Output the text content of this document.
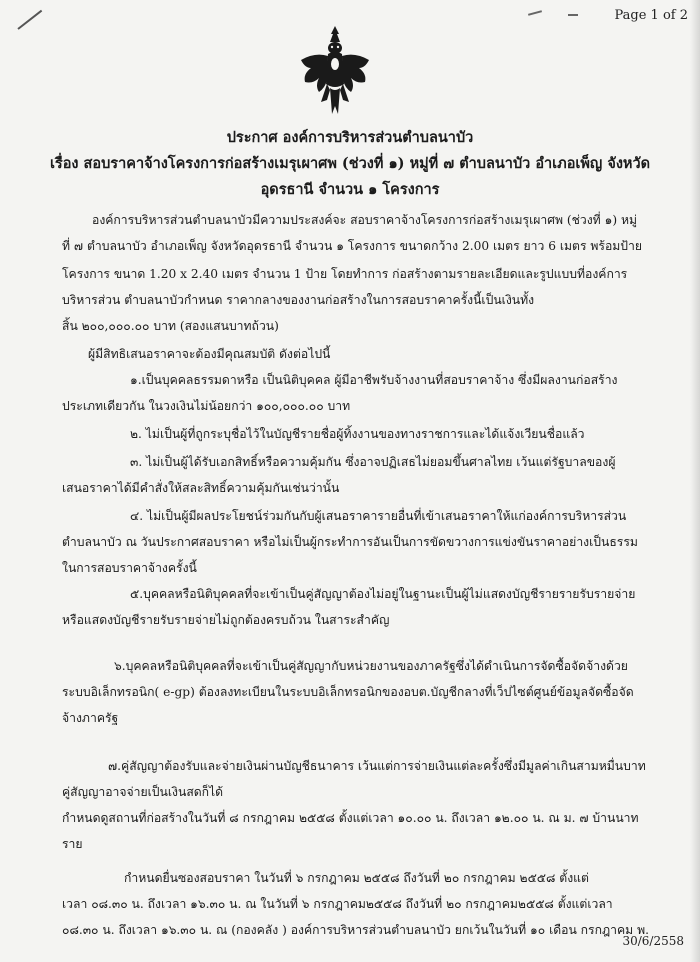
Page 1 of 2
ประกาศ องค์การบริหารส่วนตำบลนาบัว
เรื่อง สอบราคาจ้างโครงการก่อสร้างเมรุเผาศพ (ช่วงที่ ๑) หมู่ที่ ๗ ตำบลนาบัว อำเภอเพ็ญ จังหวัด
อุดรธานี จำนวน ๑ โครงการ
องค์การบริหารส่วนตำบลนาบัวมีความประสงค์จะ สอบราคาจ้างโครงการก่อสร้างเมรุเผาศพ (ช่วงที่ ๑) หมู่
ที่ ๗ ตำบลนาบัว อำเภอเพ็ญ จังหวัดอุดรธานี จำนวน ๑ โครงการ ขนาดกว้าง 2.00 เมตร ยาว 6 เมตร พร้อมป้าย
โครงการ ขนาด 1.20 x 2.40 เมตร จำนวน 1 ป้าย โดยทำการ ก่อสร้างตามรายละเอียดและรูปแบบที่องค์การ
บริหารส่วน ตำบลนาบัวกำหนด ราคากลางของงานก่อสร้างในการสอบราคาครั้งนี้เป็นเงินทั้ง
สิ้น ๒๐๐,๐๐๐.๐๐ บาท (สองแสนบาทถ้วน)
ผู้มีสิทธิเสนอราคาจะต้องมีคุณสมบัติ ดังต่อไปนี้
๑.เป็นบุคคลธรรมดาหรือ เป็นนิติบุคคล ผู้มีอาชีพรับจ้างงานที่สอบราคาจ้าง ซึ่งมีผลงานก่อสร้าง
ประเภทเดียวกัน ในวงเงินไม่น้อยกว่า ๑๐๐,๐๐๐.๐๐ บาท
๒. ไม่เป็นผู้ที่ถูกระบุชื่อไว้ในบัญชีรายชื่อผู้ทิ้งงานของทางราชการและได้แจ้งเวียนชื่อแล้ว
๓. ไม่เป็นผู้ได้รับเอกสิทธิ์หรือความคุ้มกัน ซึ่งอาจปฏิเสธไม่ยอมขึ้นศาลไทย เว้นแต่รัฐบาลของผู้
เสนอราคาได้มีคำสั่งให้สละสิทธิ์ความคุ้มกันเช่นว่านั้น
๔. ไม่เป็นผู้มีผลประโยชน์ร่วมกันกับผู้เสนอราคารายอื่นที่เข้าเสนอราคาให้แก่องค์การบริหารส่วน
ตำบลนาบัว ณ วันประกาศสอบราคา หรือไม่เป็นผู้กระทำการอันเป็นการขัดขวางการแข่งขันราคาอย่างเป็นธรรม
ในการสอบราคาจ้างครั้งนี้
๕.บุคคลหรือนิติบุคคลที่จะเข้าเป็นคู่สัญญาต้องไม่อยู่ในฐานะเป็นผู้ไม่แสดงบัญชีรายรายรับรายจ่าย
หรือแสดงบัญชีรายรับรายจ่ายไม่ถูกต้องครบถ้วน ในสาระสำคัญ
๖.บุคคลหรือนิติบุคคลที่จะเข้าเป็นคู่สัญญากับหน่วยงานของภาครัฐซึ่งได้ดำเนินการจัดซื้อจัดจ้างด้วย
ระบบอิเล็กทรอนิก( e-gp) ต้องลงทะเบียนในระบบอิเล็กทรอนิกของอบต.บัญชีกลางที่เว็ปไซต์ศูนย์ข้อมูลจัดซื้อจัด
จ้างภาครัฐ
๗.คู่สัญญาต้องรับและจ่ายเงินผ่านบัญชีธนาคาร เว้นแต่การจ่ายเงินแต่ละครั้งซึ่งมีมูลค่าเกินสามหมื่นบาท
คู่สัญญาอาจจ่ายเป็นเงินสดก็ได้
กำหนดดูสถานที่ก่อสร้างในวันที่ ๘ กรกฎาคม ๒๕๕๘ ตั้งแต่เวลา ๑๐.๐๐ น. ถึงเวลา ๑๒.๐๐ น. ณ ม. ๗ บ้านนาท
ราย
กำหนดยื่นซองสอบราคา ในวันที่ ๖ กรกฎาคม ๒๕๕๘ ถึงวันที่ ๒๐ กรกฎาคม ๒๕๕๘ ตั้งแต่
เวลา ๐๘.๓๐ น. ถึงเวลา ๑๖.๓๐ น. ณ ในวันที่ ๖ กรกฎาคม๒๕๕๘ ถึงวันที่ ๒๐ กรกฎาคม๒๕๕๘ ตั้งแต่เวลา
๐๘.๓๐ น. ถึงเวลา ๑๖.๓๐ น. ณ (กองคลัง ) องค์การบริหารส่วนตำบลนาบัว ยกเว้นในวันที่ ๑๐ เดือน กรกฎาคม พ.
30/6/2558
